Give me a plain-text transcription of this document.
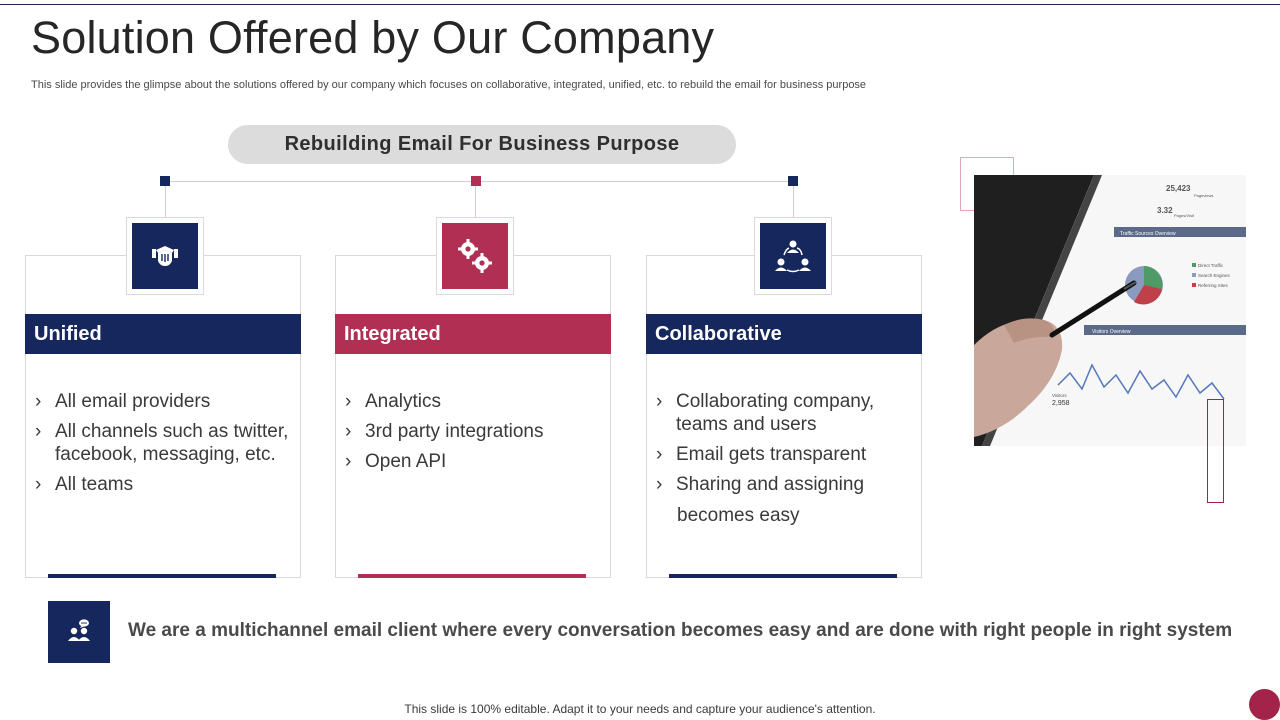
Solution Offered by Our Company

This slide provides the glimpse about the solutions offered by our company which focuses on collaborative, integrated, unified, etc. to rebuild the email for business purpose

Rebuilding Email For Business Purpose
Unified
› All email providers
› All channels such as twitter, facebook, messaging, etc.
› All teams
Integrated
› Analytics
› 3rd party integrations
› Open API
Collaborative
› Collaborating company, teams and users
› Email gets transparent
› Sharing and assigning
becomes easy
25,423
Pageviews
3.32
Pages/Visit
Traffic Sources Overview
Direct Traffic
Search Engines
Referring Sites
Visitors Overview
Visitors
2,958

We are a multichannel email client where every conversation becomes easy and are done with right people in right system

This slide is 100% editable. Adapt it to your needs and capture your audience's attention.
